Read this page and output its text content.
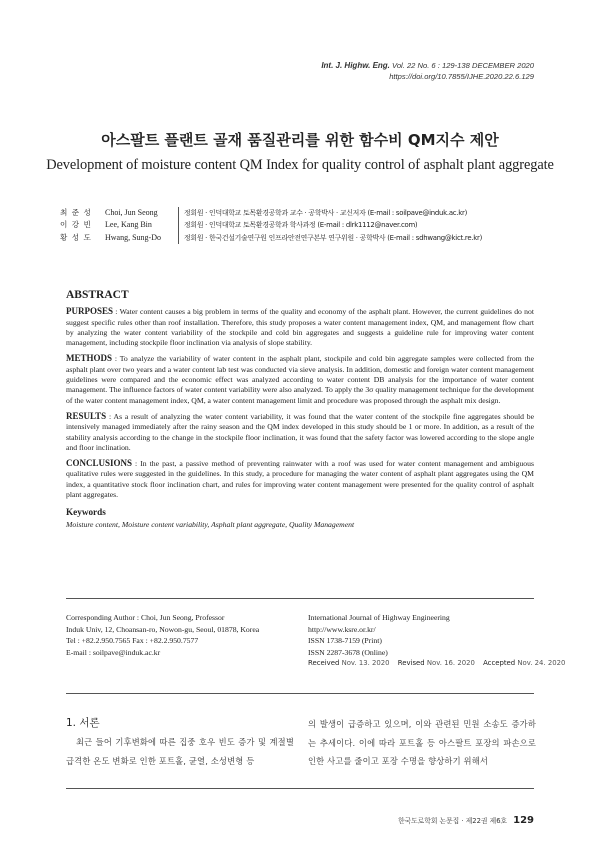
Int. J. Highw. Eng. Vol. 22 No. 6 : 129-138 DECEMBER 2020
https://doi.org/10.7855/IJHE.2020.22.6.129
아스팔트 플랜트 골재 품질관리를 위한 함수비 QM지수 제안
Development of moisture content QM Index for quality control of asphalt plant aggregate
최 준 성	Choi, Jun Seong	정회원 · 인덕대학교 토목환경공학과 교수 · 공학박사 · 교신저자 (E-mail : soilpave@induk.ac.kr)
이 강 빈	Lee, Kang Bin	정회원 · 인덕대학교 토목환경공학과 학사과정 (E-mail : dlrk1112@naver.com)
황 성 도	Hwang, Sung-Do	정회원 · 한국건설기술연구원 인프라안전연구본부 연구위원 · 공학박사 (E-mail : sdhwang@kict.re.kr)
ABSTRACT

PURPOSES : Water content causes a big problem in terms of the quality and economy of the asphalt plant. However, the current guidelines do not suggest specific rules other than roof installation. Therefore, this study proposes a water content management index, QM, and management flow chart by analyzing the water content variability of the stockpile and cold bin aggregates and suggests a guideline rule for improving water content management, including stockpile floor inclination via analysis of slope stability.

METHODS : To analyze the variability of water content in the asphalt plant, stockpile and cold bin aggregate samples were collected from the asphalt plant over two years and a water content lab test was conducted via sieve analysis. In addition, domestic and foreign water content management guidelines were compared and the economic effect was analyzed according to water content DB analysis for the importance of water content management. The influence factors of water content variability were also analyzed. To apply the 3σ quality management technique for the development of the water content management index, QM, a water content management limit and procedure was proposed through the asphalt mix design.

RESULTS : As a result of analyzing the water content variability, it was found that the water content of the stockpile fine aggregates should be intensively managed immediately after the rainy season and the QM index developed in this study should be 1 or more. In addition, as a result of the stability analysis according to the change in the stockpile floor inclination, it was found that the safety factor was lowered according to the slope angle and floor inclination.

CONCLUSIONS : In the past, a passive method of preventing rainwater with a roof was used for water content management and ambiguous qualitative rules were suggested in the guidelines. In this study, a procedure for managing the water content of asphalt plant aggregates using the QM index, a quantitative stock floor inclination chart, and rules for improving water content management were presented for the quality control of asphalt plant aggregates.

Keywords
Moisture content, Moisture content variability, Asphalt plant aggregate, Quality Management
Corresponding Author : Choi, Jun Seong, Professor
Induk Univ, 12, Choansan-ro, Nowon-gu, Seoul, 01878, Korea
Tel : +82.2.950.7565 Fax : +82.2.950.7577
E-mail : soilpave@induk.ac.kr
International Journal of Highway Engineering
http://www.ksre.or.kr/
ISSN 1738-7159 (Print)
ISSN 2287-3678 (Online)
Received Nov. 13. 2020 Revised Nov. 16. 2020 Accepted Nov. 24. 2020
1. 서론

최근 들어 기후변화에 따른 집중 호우 빈도 증가 및 계절별 급격한 온도 변화로 인한 포트홀, 균열, 소성변형 등

의 발생이 급증하고 있으며, 이와 관련된 민원 소송도 증가하는 추세이다. 이에 따라 포트홀 등 아스팔트 포장의 파손으로 인한 사고를 줄이고 포장 수명을 향상하기 위해서

한국도로학회 논문집 · 제22권 제6호 129
